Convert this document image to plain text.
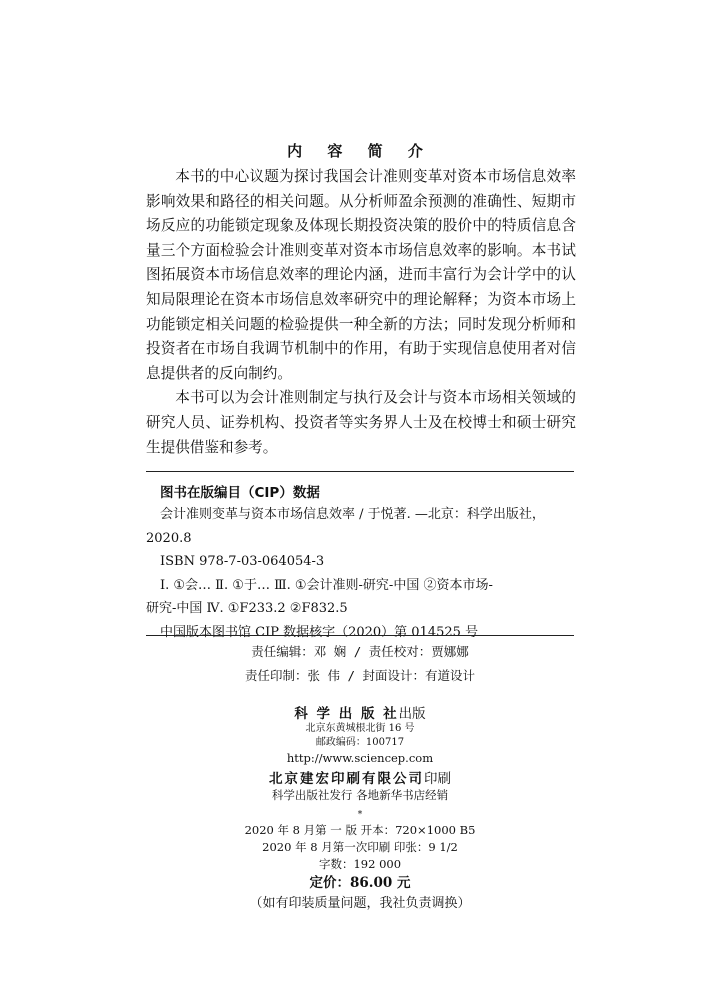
内 容 简 介

本书的中心议题为探讨我国会计准则变革对资本市场信息效率影响效果和路径的相关问题。从分析师盈余预测的准确性、短期市场反应的功能锁定现象及体现长期投资决策的股价中的特质信息含量三个方面检验会计准则变革对资本市场信息效率的影响。本书试图拓展资本市场信息效率的理论内涵，进而丰富行为会计学中的认知局限理论在资本市场信息效率研究中的理论解释；为资本市场上功能锁定相关问题的检验提供一种全新的方法；同时发现分析师和投资者在市场自我调节机制中的作用，有助于实现信息使用者对信息提供者的反向制约。

本书可以为会计准则制定与执行及会计与资本市场相关领域的研究人员、证券机构、投资者等实务界人士及在校博士和硕士研究生提供借鉴和参考。

图书在版编目（CIP）数据
会计准则变革与资本市场信息效率 / 于悦著. —北京：科学出版社，
2020.8
ISBN 978-7-03-064054-3
Ⅰ. ①会… Ⅱ. ①于… Ⅲ. ①会计准则-研究-中国 ②资本市场-
研究-中国 Ⅳ. ①F233.2 ②F832.5
中国版本图书馆 CIP 数据核字（2020）第 014525 号
责任编辑：邓 娴 / 责任校对：贾娜娜
责任印制：张 伟 / 封面设计：有道设计

科 学 出 版 社出版

北京东黄城根北街 16 号

邮政编码：100717

http://www.sciencep.com

北京建宏印刷有限公司印刷

科学出版社发行 各地新华书店经销

*

2020 年 8 月第 一 版 开本：720×1000 B5

2020 年 8 月第一次印刷 印张：9 1/2

字数：192 000

定价：86.00 元

（如有印装质量问题，我社负责调换）
